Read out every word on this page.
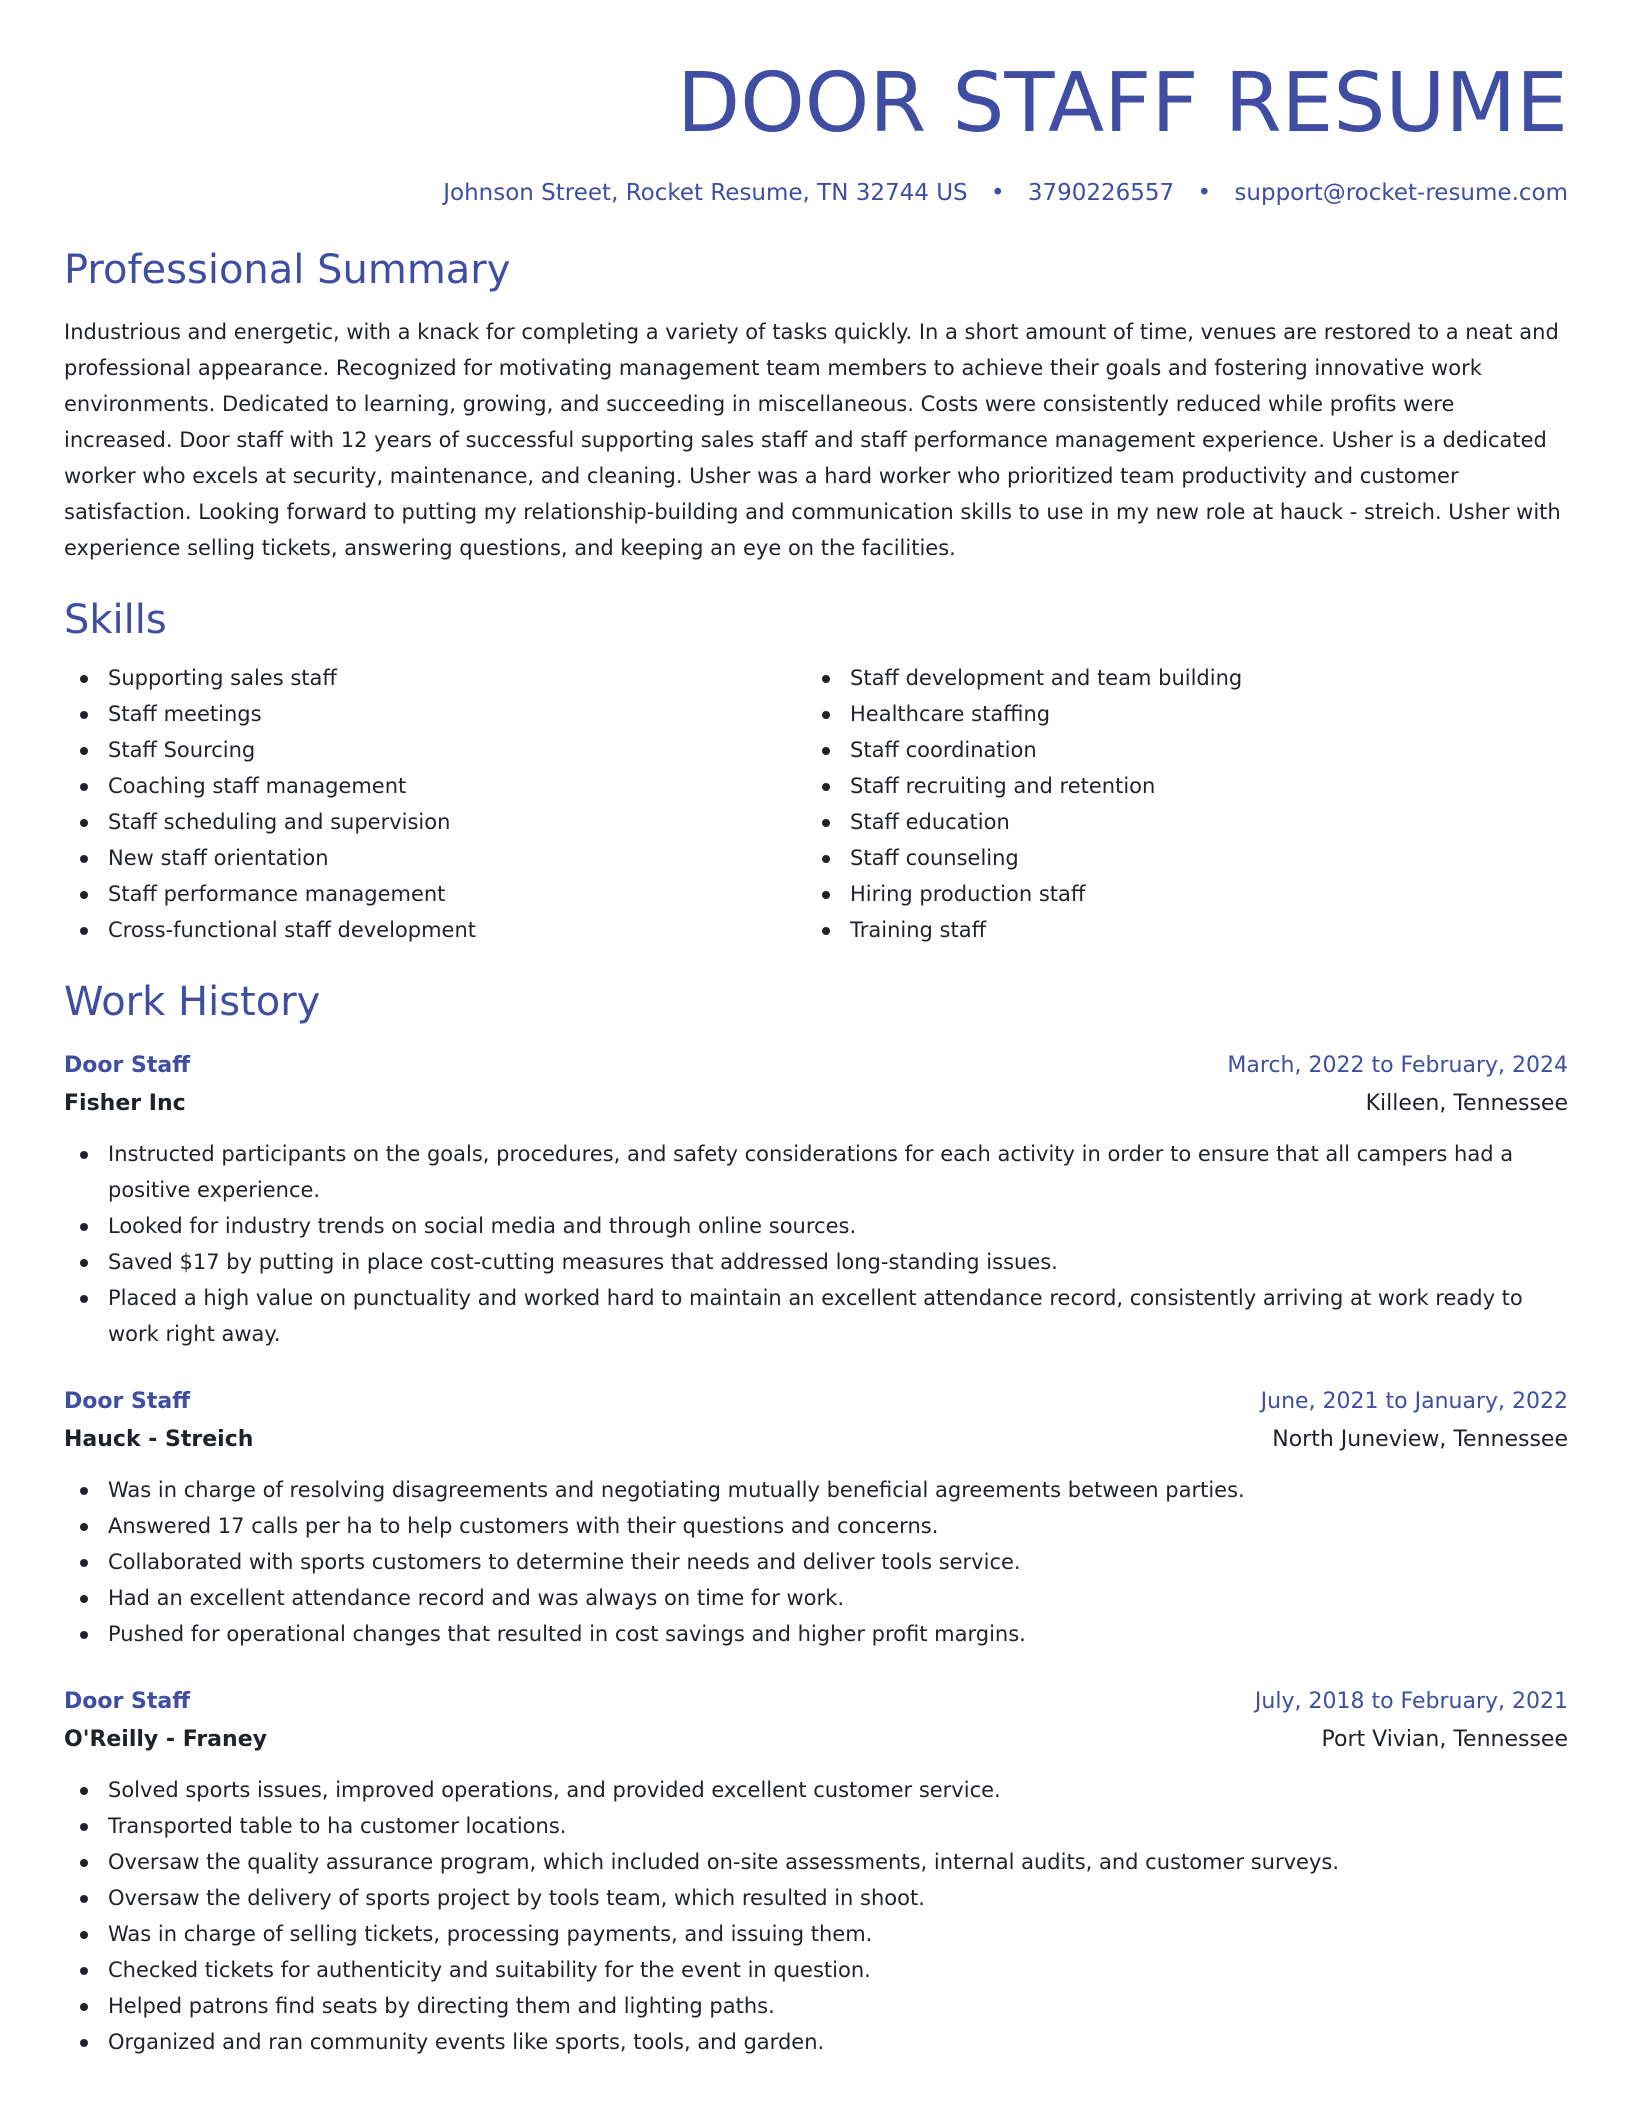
DOOR STAFF RESUME
Johnson Street, Rocket Resume, TN 32744 US • 3790226557 • support@rocket-resume.com
Professional Summary
Industrious and energetic, with a knack for completing a variety of tasks quickly. In a short amount of time, venues are restored to a neat and professional appearance. Recognized for motivating management team members to achieve their goals and fostering innovative work environments. Dedicated to learning, growing, and succeeding in miscellaneous. Costs were consistently reduced while profits were increased. Door staff with 12 years of successful supporting sales staff and staff performance management experience. Usher is a dedicated worker who excels at security, maintenance, and cleaning. Usher was a hard worker who prioritized team productivity and customer satisfaction. Looking forward to putting my relationship-building and communication skills to use in my new role at hauck - streich. Usher with experience selling tickets, answering questions, and keeping an eye on the facilities.
Skills
Supporting sales staff
Staff meetings
Staff Sourcing
Coaching staff management
Staff scheduling and supervision
New staff orientation
Staff performance management
Cross-functional staff development
Staff development and team building
Healthcare staffing
Staff coordination
Staff recruiting and retention
Staff education
Staff counseling
Hiring production staff
Training staff
Work History
Door Staff	March, 2022 to February, 2024
Fisher Inc	Killeen, Tennessee
Instructed participants on the goals, procedures, and safety considerations for each activity in order to ensure that all campers had a positive experience.
Looked for industry trends on social media and through online sources.
Saved $17 by putting in place cost-cutting measures that addressed long-standing issues.
Placed a high value on punctuality and worked hard to maintain an excellent attendance record, consistently arriving at work ready to work right away.
Door Staff	June, 2021 to January, 2022
Hauck - Streich	North Juneview, Tennessee
Was in charge of resolving disagreements and negotiating mutually beneficial agreements between parties.
Answered 17 calls per ha to help customers with their questions and concerns.
Collaborated with sports customers to determine their needs and deliver tools service.
Had an excellent attendance record and was always on time for work.
Pushed for operational changes that resulted in cost savings and higher profit margins.
Door Staff	July, 2018 to February, 2021
O'Reilly - Franey	Port Vivian, Tennessee
Solved sports issues, improved operations, and provided excellent customer service.
Transported table to ha customer locations.
Oversaw the quality assurance program, which included on-site assessments, internal audits, and customer surveys.
Oversaw the delivery of sports project by tools team, which resulted in shoot.
Was in charge of selling tickets, processing payments, and issuing them.
Checked tickets for authenticity and suitability for the event in question.
Helped patrons find seats by directing them and lighting paths.
Organized and ran community events like sports, tools, and garden.
